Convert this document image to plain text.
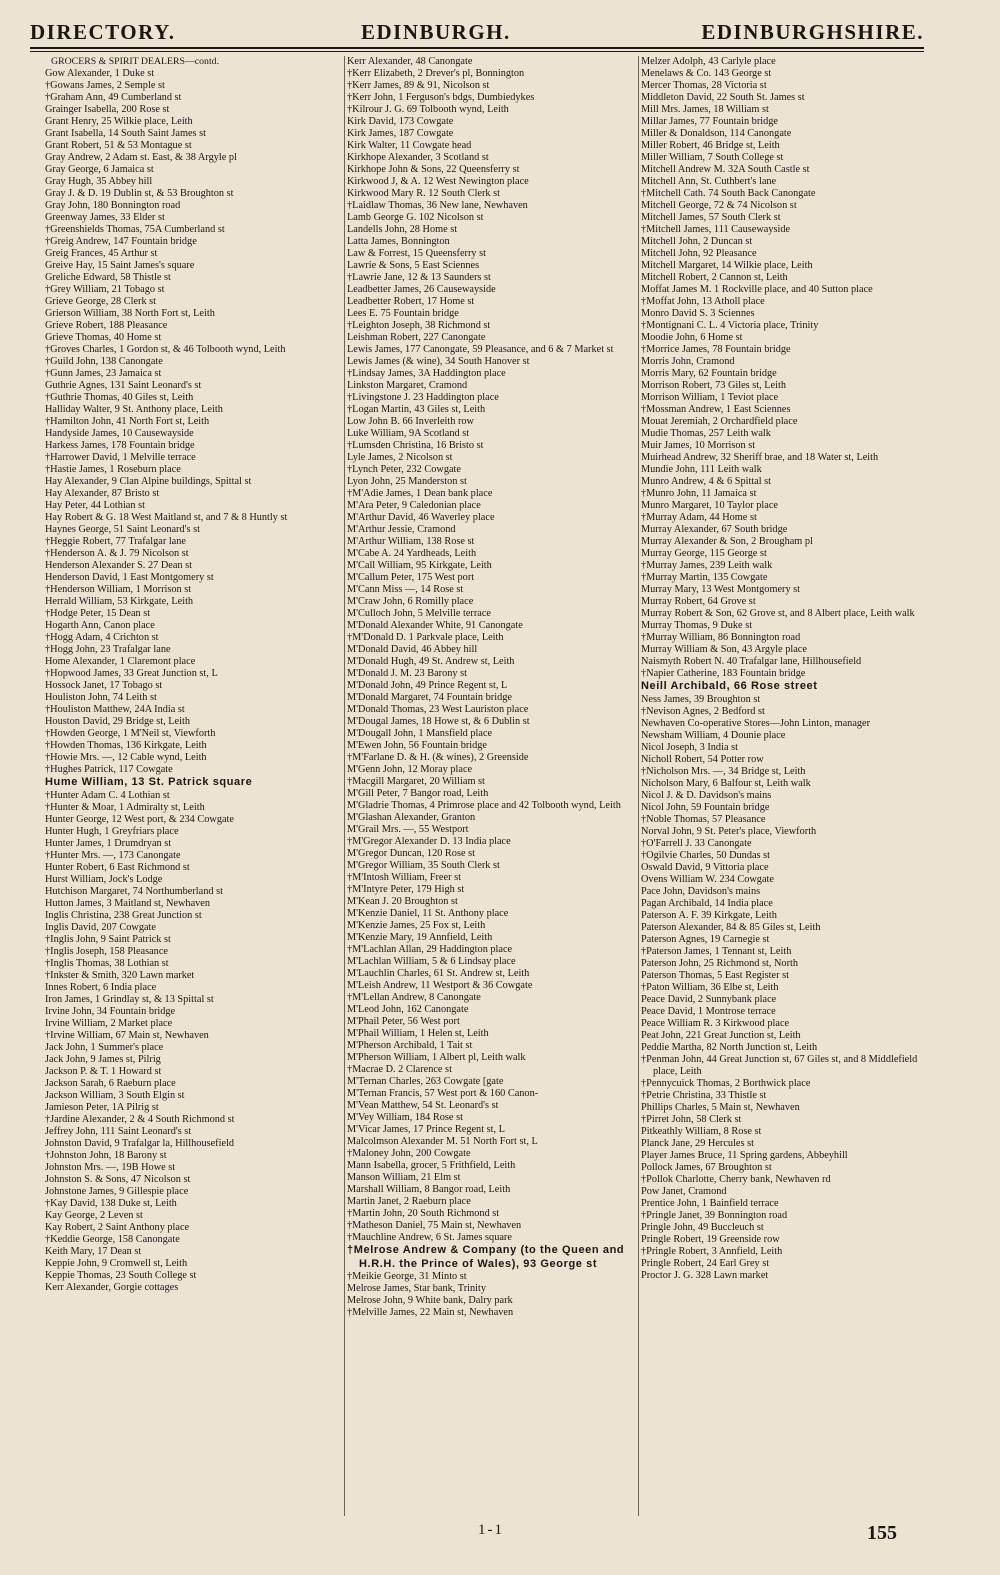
DIRECTORY.	EDINBURGH.	EDINBURGHSHIRE.
GROCERS & SPIRIT DEALERS—contd.
Gow Alexander, 1 Duke st
†Gowans James, 2 Semple st
†Graham Ann, 49 Cumberland st
Grainger Isabella, 200 Rose st
Grant Henry, 25 Wilkie place, Leith
Grant Isabella, 14 South Saint James st
Grant Robert, 51 & 53 Montague st
Gray Andrew, 2 Adam st. East, & 38 Argyle pl
Gray George, 6 Jamaica st
Gray Hugh, 35 Abbey hill
Gray J. & D. 19 Dublin st, & 53 Broughton st
Gray John, 180 Bonnington road
Greenway James, 33 Elder st
†Greenshields Thomas, 75A Cumberland st
†Greig Andrew, 147 Fountain bridge
Greig Frances, 45 Arthur st
Greive Hay, 15 Saint James's square
Greliche Edward, 58 Thistle st
†Grey William, 21 Tobago st
Grieve George, 28 Clerk st
Grierson William, 38 North Fort st, Leith
Grieve Robert, 188 Pleasance
Grieve Thomas, 40 Home st
†Groves Charles, 1 Gordon st, & 46 Tolbooth wynd, Leith
†Guild John, 138 Canongate
†Gunn James, 23 Jamaica st
Guthrie Agnes, 131 Saint Leonard's st
†Guthrie Thomas, 40 Giles st, Leith
Halliday Walter, 9 St. Anthony place, Leith
†Hamilton John, 41 North Fort st, Leith
Handyside James, 10 Causewayside
Harkess James, 178 Fountain bridge
†Harrower David, 1 Melville terrace
†Hastie James, 1 Roseburn place
Hay Alexander, 9 Clan Alpine buildings, Spittal st
Hay Alexander, 87 Bristo st
Hay Peter, 44 Lothian st
Hay Robert & G. 18 West Maitland st, and 7 & 8 Huntly st
Haynes George, 51 Saint Leonard's st
†Heggie Robert, 77 Trafalgar lane
†Henderson A. & J. 79 Nicolson st
Henderson Alexander S. 27 Dean st
Henderson David, 1 East Montgomery st
†Henderson William, 1 Morrison st
Herrald William, 53 Kirkgate, Leith
†Hodge Peter, 15 Dean st
Hogarth Ann, Canon place
†Hogg Adam, 4 Crichton st
†Hogg John, 23 Trafalgar lane
Home Alexander, 1 Claremont place
†Hopwood James, 33 Great Junction st, L
Hossock Janet, 17 Tobago st
Houliston John, 74 Leith st
†Houliston Matthew, 24A India st
Houston David, 29 Bridge st, Leith
†Howden George, 1 M'Neil st, Viewforth
†Howden Thomas, 136 Kirkgate, Leith
†Howie Mrs. —, 12 Cable wynd, Leith
†Hughes Patrick, 117 Cowgate
Hume William, 13 St. Patrick square
†Hunter Adam C. 4 Lothian st
†Hunter & Moar, 1 Admiralty st, Leith
Hunter George, 12 West port, & 234 Cowgate
Hunter Hugh, 1 Greyfriars place
Hunter James, 1 Drumdryan st
†Hunter Mrs. —, 173 Canongate
Hunter Robert, 6 East Richmond st
Hurst William, Jock's Lodge
Hutchison Margaret, 74 Northumberland st
Hutton James, 3 Maitland st, Newhaven
Inglis Christina, 238 Great Junction st
Inglis David, 207 Cowgate
†Inglis John, 9 Saint Patrick st
†Inglis Joseph, 158 Pleasance
†Inglis Thomas, 38 Lothian st
†Inkster & Smith, 320 Lawn market
Innes Robert, 6 India place
Iron James, 1 Grindlay st, & 13 Spittal st
Irvine John, 34 Fountain bridge
Irvine William, 2 Market place
†Irvine William, 67 Main st, Newhaven
Jack John, 1 Summer's place
Jack John, 9 James st, Pilrig
Jackson P. & T. 1 Howard st
Jackson Sarah, 6 Raeburn place
Jackson William, 3 South Elgin st
Jamieson Peter, 1A Pilrig st
†Jardine Alexander, 2 & 4 South Richmond st
Jeffrey John, 111 Saint Leonard's st
Johnston David, 9 Trafalgar la, Hillhousefield
†Johnston John, 18 Barony st
Johnston Mrs. —, 19B Howe st
Johnston S. & Sons, 47 Nicolson st
Johnstone James, 9 Gillespie place
†Kay David, 138 Duke st, Leith
Kay George, 2 Leven st
Kay Robert, 2 Saint Anthony place
†Keddie George, 158 Canongate
Keith Mary, 17 Dean st
Keppie John, 9 Cromwell st, Leith
Keppie Thomas, 23 South College st
Kerr Alexander, Gorgie cottages
Kerr Alexander, 48 Canongate
†Kerr Elizabeth, 2 Drever's pl, Bonnington
†Kerr James, 89 & 91, Nicolson st
†Kerr John, 1 Ferguson's bdgs, Dumbiedykes
†Kilrour J. G. 69 Tolbooth wynd, Leith
Kirk David, 173 Cowgate
Kirk James, 187 Cowgate
Kirk Walter, 11 Cowgate head
Kirkhope Alexander, 3 Scotland st
Kirkhope John & Sons, 22 Queensferry st
Kirkwood J, & A. 12 West Newington place
Kirkwood Mary R. 12 South Clerk st
†Laidlaw Thomas, 36 New lane, Newhaven
Lamb George G. 102 Nicolson st
Landells John, 28 Home st
Latta James, Bonnington
Law & Forrest, 15 Queensferry st
Lawrie & Sons, 5 East Sciennes
†Lawrie Jane, 12 & 13 Saunders st
Leadbetter James, 26 Causewayside
Leadbetter Robert, 17 Home st
Lees E. 75 Fountain bridge
†Leighton Joseph, 38 Richmond st
Leishman Robert, 227 Canongate
Lewis James, 177 Canongate, 59 Pleasance, and 6 & 7 Market st
Lewis James (& wine), 34 South Hanover st
†Lindsay James, 3A Haddington place
Linkston Margaret, Cramond
†Livingstone J. 23 Haddington place
†Logan Martin, 43 Giles st, Leith
Low John B. 66 Inverleith row
Luke William, 9A Scotland st
†Lumsden Christina, 16 Bristo st
Lyle James, 2 Nicolson st
†Lynch Peter, 232 Cowgate
Lyon John, 25 Manderston st
†M'Adie James, 1 Dean bank place
M'Ara Peter, 9 Caledonian place
M'Arthur David, 46 Waverley place
M'Arthur Jessie, Cramond
M'Arthur William, 138 Rose st
M'Cabe A. 24 Yardheads, Leith
M'Call William, 95 Kirkgate, Leith
M'Callum Peter, 175 West port
M'Cann Miss —, 14 Rose st
M'Craw John, 6 Romilly place
M'Culloch John, 5 Melville terrace
M'Donald Alexander White, 91 Canongate
†M'Donald D. 1 Parkvale place, Leith
M'Donald David, 46 Abbey hill
M'Donald Hugh, 49 St. Andrew st, Leith
M'Donald J. M. 23 Barony st
M'Donald John, 49 Prince Regent st, L
M'Donald Margaret, 74 Fountain bridge
M'Donald Thomas, 23 West Lauriston place
M'Dougal James, 18 Howe st, & 6 Dublin st
M'Dougall John, 1 Mansfield place
M'Ewen John, 56 Fountain bridge
†M'Farlane D. & H. (& wines), 2 Greenside
M'Genn John, 12 Moray place
†Macgill Margaret, 20 William st
M'Gill Peter, 7 Bangor road, Leith
M'Gladrie Thomas, 4 Primrose place and 42 Tolbooth wynd, Leith
M'Glashan Alexander, Granton
M'Grail Mrs. —, 55 Westport
†M'Gregor Alexander D. 13 India place
M'Gregor Duncan, 120 Rose st
M'Gregor William, 35 South Clerk st
†M'Intosh William, Freer st
†M'Intyre Peter, 179 High st
M'Kean J. 20 Broughton st
M'Kenzie Daniel, 11 St. Anthony place
M'Kenzie James, 25 Fox st, Leith
M'Kenzie Mary, 19 Annfield, Leith
†M'Lachlan Allan, 29 Haddington place
M'Lachlan William, 5 & 6 Lindsay place
M'Lauchlin Charles, 61 St. Andrew st, Leith
M'Leish Andrew, 11 Westport & 36 Cowgate
†M'Lellan Andrew, 8 Canongate
M'Leod John, 162 Canongate
M'Phail Peter, 56 West port
M'Phail William, 1 Helen st, Leith
M'Pherson Archibald, 1 Tait st
M'Pherson William, 1 Albert pl, Leith walk
†Macrae D. 2 Clarence st
M'Ternan Charles, 263 Cowgate [gate
M'Ternan Francis, 57 West port & 160 Canon-
M'Vean Matthew, 54 St. Leonard's st
M'Vey William, 184 Rose st
M'Vicar James, 17 Prince Regent st, L
Malcolmson Alexander M. 51 North Fort st, L
†Maloney John, 200 Cowgate
Mann Isabella, grocer, 5 Frithfield, Leith
Manson William, 21 Elm st
Marshall William, 8 Bangor road, Leith
Martin Janet, 2 Raeburn place
†Martin John, 20 South Richmond st
†Matheson Daniel, 75 Main st, Newhaven
†Mauchline Andrew, 6 St. James square
†Melrose Andrew & Company (to the Queen and H.R.H. the Prince of Wales), 93 George st
†Meikie George, 31 Minto st
Melrose James, Star bank, Trinity
Melrose John, 9 White bank, Dalry park
†Melville James, 22 Main st, Newhaven
Melzer Adolph, 43 Carlyle place
Menelaws & Co. 143 George st
Mercer Thomas, 28 Victoria st
Middleton David, 22 South St. James st
Mill Mrs. James, 18 William st
Millar James, 77 Fountain bridge
Miller & Donaldson, 114 Canongate
Miller Robert, 46 Bridge st, Leith
Miller William, 7 South College st
Mitchell Andrew M. 32A South Castle st
Mitchell Ann, St. Cuthbert's lane
†Mitchell Cath. 74 South Back Canongate
Mitchell George, 72 & 74 Nicolson st
Mitchell James, 57 South Clerk st
†Mitchell James, 111 Causewayside
Mitchell John, 2 Duncan st
Mitchell John, 92 Pleasance
Mitchell Margaret, 14 Wilkie place, Leith
Mitchell Robert, 2 Cannon st, Leith
Moffat James M. 1 Rockville place, and 40 Sutton place
†Moffat John, 13 Atholl place
Monro David S. 3 Sciennes
†Montignani C. L. 4 Victoria place, Trinity
Moodie John, 6 Home st
†Morrice James, 78 Fountain bridge
Morris John, Cramond
Morris Mary, 62 Fountain bridge
Morrison Robert, 73 Giles st, Leith
Morrison William, 1 Teviot place
†Mossman Andrew, 1 East Sciennes
Mouat Jeremiah, 2 Orchardfield place
Mudie Thomas, 257 Leith walk
Muir James, 10 Morrison st
Muirhead Andrew, 32 Sheriff brae, and 18 Water st, Leith
Mundie John, 111 Leith walk
Munro Andrew, 4 & 6 Spittal st
†Munro John, 11 Jamaica st
Munro Margaret, 10 Taylor place
†Murray Adam, 44 Home st
Murray Alexander, 67 South bridge
Murray Alexander & Son, 2 Brougham pl
Murray George, 115 George st
†Murray James, 239 Leith walk
†Murray Martin, 135 Cowgate
Murray Mary, 13 West Montgomery st
Murray Robert, 64 Grove st
Murray Robert & Son, 62 Grove st, and 8 Albert place, Leith walk
Murray Thomas, 9 Duke st
†Murray William, 86 Bonnington road
Murray William & Son, 43 Argyle place
Naismyth Robert N. 40 Trafalgar lane, Hillhousefield
†Napier Catherine, 183 Fountain bridge
Neill Archibald, 66 Rose street
Ness James, 39 Broughton st
†Nevison Agnes, 2 Bedford st
Newhaven Co-operative Stores—John Linton, manager
Newsham William, 4 Dounie place
Nicol Joseph, 3 India st
Nicholl Robert, 54 Potter row
†Nicholson Mrs. —, 34 Bridge st, Leith
Nicholson Mary, 6 Balfour st, Leith walk
Nicol J. & D. Davidson's mains
Nicol John, 59 Fountain bridge
†Noble Thomas, 57 Pleasance
Norval John, 9 St. Peter's place, Viewforth
†O'Farrell J. 33 Canongate
†Ogilvie Charles, 50 Dundas st
Oswald David, 9 Vittoria place
Ovens William W. 234 Cowgate
Pace John, Davidson's mains
Pagan Archibald, 14 India place
Paterson A. F. 39 Kirkgate, Leith
Paterson Alexander, 84 & 85 Giles st, Leith
Paterson Agnes, 19 Carnegie st
†Paterson James, 1 Tennant st, Leith
Paterson John, 25 Richmond st, North
Paterson Thomas, 5 East Register st
†Paton William, 36 Elbe st, Leith
Peace David, 2 Sunnybank place
Peace David, 1 Montrose terrace
Peace William R. 3 Kirkwood place
Peat John, 221 Great Junction st, Leith
Peddie Martha, 82 North Junction st, Leith
†Penman John, 44 Great Junction st, 67 Giles st, and 8 Middlefield place, Leith
†Pennycuick Thomas, 2 Borthwick place
†Petrie Christina, 33 Thistle st
Phillips Charles, 5 Main st, Newhaven
†Pirret John, 58 Clerk st
Pitkeathly William, 8 Rose st
Planck Jane, 29 Hercules st
Player James Bruce, 11 Spring gardens, Abbeyhill
Pollock James, 67 Broughton st
†Pollok Charlotte, Cherry bank, Newhaven rd
Pow Janet, Cramond
Prentice John, 1 Bainfield terrace
†Pringle Janet, 39 Bonnington road
Pringle John, 49 Buccleuch st
Pringle Robert, 19 Greenside row
†Pringle Robert, 3 Annfield, Leith
Pringle Robert, 24 Earl Grey st
Proctor J. G. 328 Lawn market
1-1	155
